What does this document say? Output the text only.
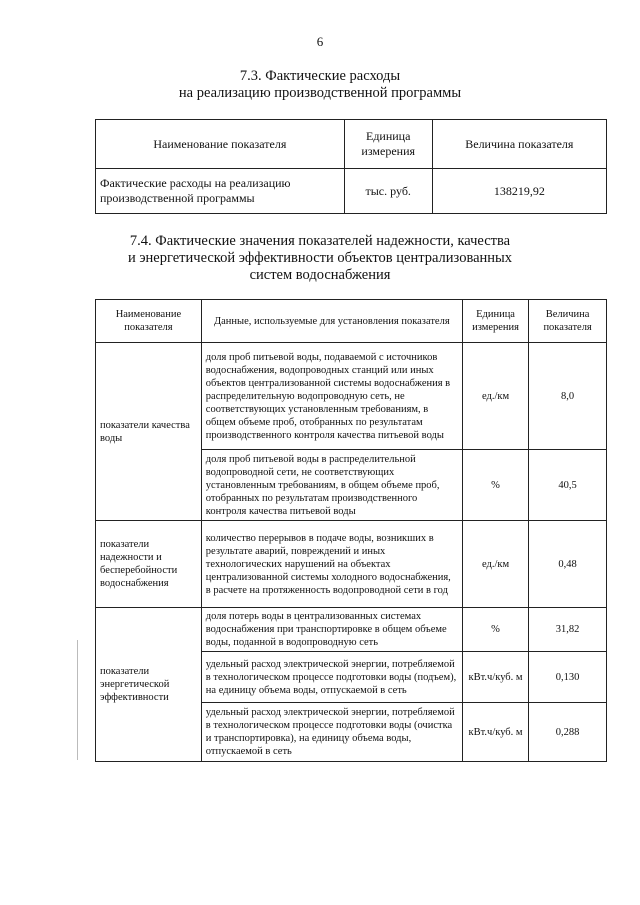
6
7.3. Фактические расходы
на реализацию производственной программы
Наименование показателя	Единица измерения	Величина показателя
Фактические расходы на реализацию производственной программы	тыс. руб.	138219,92
7.4. Фактические значения показателей надежности, качества
и энергетической эффективности объектов централизованных
систем водоснабжения
Наименование показателя	Данные, используемые для установления показателя	Единица измерения	Величина показателя
показатели качества воды	доля проб питьевой воды, подаваемой с источников водоснабжения, водопроводных станций или иных объектов централизованной системы водоснабжения в распределительную водопроводную сеть, не соответствующих установленным требованиям, в общем объеме проб, отобранных по результатам производственного контроля качества питьевой воды	ед./км	8,0
	доля проб питьевой воды в распределительной водопроводной сети, не соответствующих установленным требованиям, в общем объеме проб, отобранных по результатам производственного контроля качества питьевой воды	%	40,5
показатели надежности и бесперебойности водоснабжения	количество перерывов в подаче воды, возникших в результате аварий, повреждений и иных технологических нарушений на объектах централизованной системы холодного водоснабжения, в расчете на протяженность водопроводной сети в год	ед./км	0,48
показатели энергетической эффективности	доля потерь воды в централизованных системах водоснабжения при транспортировке в общем объеме воды, поданной в водопроводную сеть	%	31,82
	удельный расход электрической энергии, потребляемой в технологическом процессе подготовки воды (подъем), на единицу объема воды, отпускаемой в сеть	кВт.ч/куб. м	0,130
	удельный расход электрической энергии, потребляемой в технологическом процессе подготовки воды (очистка и транспортировка), на единицу объема воды, отпускаемой в сеть	кВт.ч/куб. м	0,288
